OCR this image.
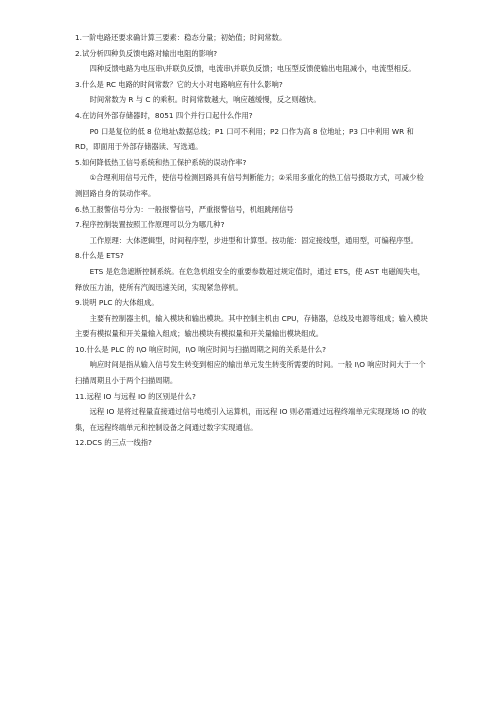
1.一阶电路还要求确计算三要素：稳态分量；初始值；时间常数。

2.试分析四种负反馈电路对输出电阻的影响?

四种反馈电路为电压串\并联负反馈，电流串\并联负反馈；电压型反馈使输出电阻减小，电流型相反。

3.什么是 RC 电路的时间常数？它的大小对电路响应有什么影响?

时间常数为 R 与 C 的乘积。时间常数越大，响应越缓慢，反之则越快。

4.在访问外部存储器时，8051 四个并行口起什么作用?

P0 口是复位的低 8 位地址\数据总线；P1 口可不利用；P2 口作为高 8 位地址；P3 口中利用 WR 和 RD，即面用于外部存储器读、写选通。

5.如何降低热工信号系统和热工保护系统的误动作率?

①合理利用信号元件，使信号检测回路具有信号判断能力；②采用多重化的热工信号摄取方式，可减少检测回路自身的误动作率。

6.热工报警信号分为：一般报警信号，严重报警信号，机组跳闸信号

7.程序控制装置按照工作原理可以分为哪几种?

工作原理：大体逻辑型，时间程序型，步进型和计算型。按功能：固定接线型，通用型，可编程序型。

8.什么是 ETS?

ETS 是危急遮断控制系统。在危急机组安全的重要参数超过规定值时，通过 ETS，使 AST 电磁阀失电，释放压力油，使所有汽阀迅速关闭，实现紧急停机。

9.说明 PLC 的大体组成。

主要有控制器主机，输入模块和输出模块。其中控制主机由 CPU，存储器，总线及电源等组成；输入模块主要有模拟量和开关量输入组成；输出模块有模拟量和开关量输出模块组成。

10.什么是 PLC 的 I\O 响应时间，I\O 响应时间与扫描周期之间的关系是什么?

响应时间是指从输入信号发生转变到相应的输出单元发生转变所需要的时间。一般 I\O 响应时间大于一个扫描周期且小于两个扫描周期。

11.远程 IO 与远程 IO 的区别是什么?

远程 IO 是将过程量直接通过信号电缆引入运算机，而远程 IO 则必需通过远程终端单元实现现场 IO 的收集，在远程终端单元和控制设备之间通过数字实现通信。

12.DCS 的三点一线指?
